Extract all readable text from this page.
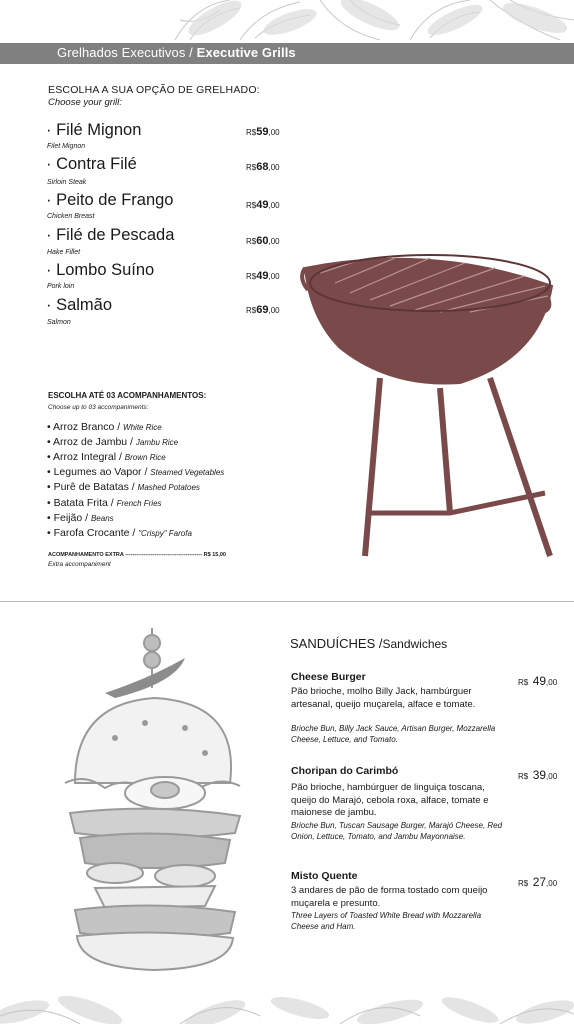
Grelhados Executivos / Executive Grills
ESCOLHA A SUA OPÇÃO DE GRELHADO:
Choose your grill:
· Filé Mignon
Filet Mignon
R$59,00
· Contra Filé
Sirloin Steak
R$68,00
· Peito de Frango
Chicken Breast
R$49,00
· Filé de Pescada
Hake Fillet
R$60,00
· Lombo Suíno
Pork loin
R$49,00
· Salmão
Salmon
R$69,00
ESCOLHA ATÉ 03 ACOMPANHAMENTOS:
Choose up to 03 accompaniments:
• Arroz Branco / White Rice
• Arroz de Jambu / Jambu Rice
• Arroz Integral / Brown Rice
• Legumes ao Vapor / Steamed Vegetables
• Purê de Batatas / Mashed Potatoes
• Batata Frita / French Fries
• Feijão / Beans
• Farofa Crocante / "Crispy" Farofa
ACOMPANHAMENTO EXTRA ------------------------------------------ R$ 15,00
Extra accompaniment
SANDUÍCHES /Sandwiches
Cheese Burger	R$ 49,00
Pão brioche, molho Billy Jack, hambúrguer artesanal, queijo muçarela, alface e tomate.
Brioche Bun, Billy Jack Sauce, Artisan Burger, Mozzarella Cheese, Lettuce, and Tomato.
Choripan do Carimbó	R$ 39,00
Pão brioche, hambúrguer de linguiça toscana, queijo do Marajó, cebola roxa, alface, tomate e maionese de jambu.
Brioche Bun, Tuscan Sausage Burger, Marajó Cheese, Red Onion, Lettuce, Tomato, and Jambu Mayonnaise.
Misto Quente
R$ 27,00
3 andares de pão de forma tostado com queijo muçarela e presunto.
Three Layers of Toasted White Bread with Mozzarella Cheese and Ham.
